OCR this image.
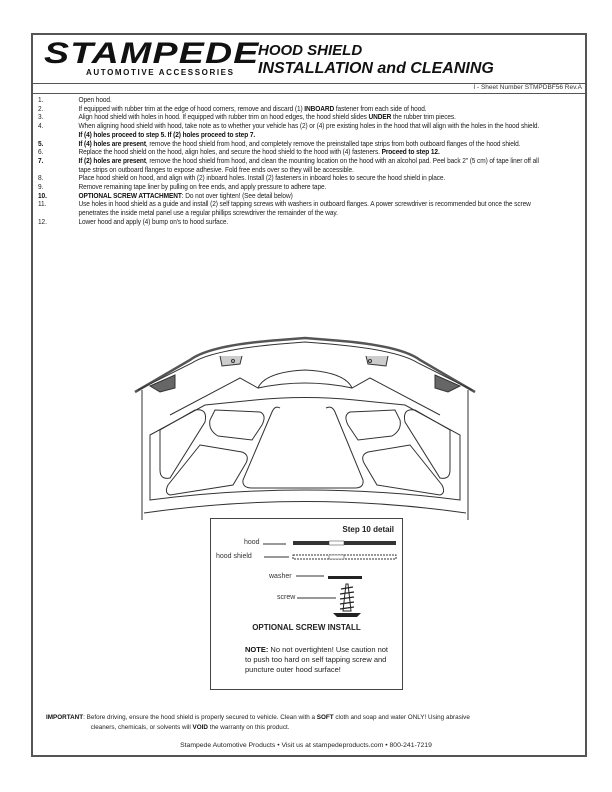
STAMPEDE
AUTOMOTIVE ACCESSORIES
HOOD SHIELD
INSTALLATION and CLEANING
I - Sheet Number STMPDBF56 Rev.A
1.	Open hood.
2.	If equipped with rubber trim at the edge of hood corners, remove and discard (1) INBOARD fastener from each side of hood.
3.	Align hood shield with holes in hood. If equipped with rubber trim on hood edges, the hood shield slides UNDER the rubber trim pieces.
4.	When aligning hood shield with hood, take note as to whether your vehicle has (2) or (4) pre existing holes in the hood that will align with the holes in the hood shield. If (4) holes proceed to step 5. If (2) holes proceed to step 7.
5.	If (4) holes are present, remove the hood shield from hood, and completely remove the preinstalled tape strips from both outboard flanges of the hood shield.
6.	Replace the hood shield on the hood, align holes, and secure the hood shield to the hood with (4) fasteners. Proceed to step 12.
7.	If (2) holes are present, remove the hood shield from hood, and clean the mounting location on the hood with an alcohol pad. Peel back 2" (5 cm) of tape liner off all tape strips on outboard flanges to expose adhesive. Fold free ends over so they will be accessible.
8.	Place hood shield on hood, and align with (2) inboard holes. Install (2) fasteners in inboard holes to secure the hood shield in place.
9.	Remove remaining tape liner by pulling on free ends, and apply pressure to adhere tape.
10.	OPTIONAL SCREW ATTACHMENT: Do not over tighten! (See detail below)
11.	Use holes in hood shield as a guide and install (2) self tapping screws with washers in outboard flanges. A power screwdriver is recommended but once the screw penetrates the inside metal panel use a regular phillips screwdriver the remainder of the way.
12.	Lower hood and apply (4) bump on's to hood surface.
Step 10 detail
hood
hood shield
washer
screw
OPTIONAL SCREW INSTALL
NOTE: No not overtighten! Use caution not to push too hard on self tapping screw and puncture outer hood surface!
IMPORTANT: Before driving, ensure the hood shield is properly secured to vehicle. Clean with a SOFT cloth and soap and water ONLY! Using abrasive
cleaners, chemicals, or solvents will VOID the warranty on this product.
Stampede Automotive Products • Visit us at stampedeproducts.com • 800-241-7219
